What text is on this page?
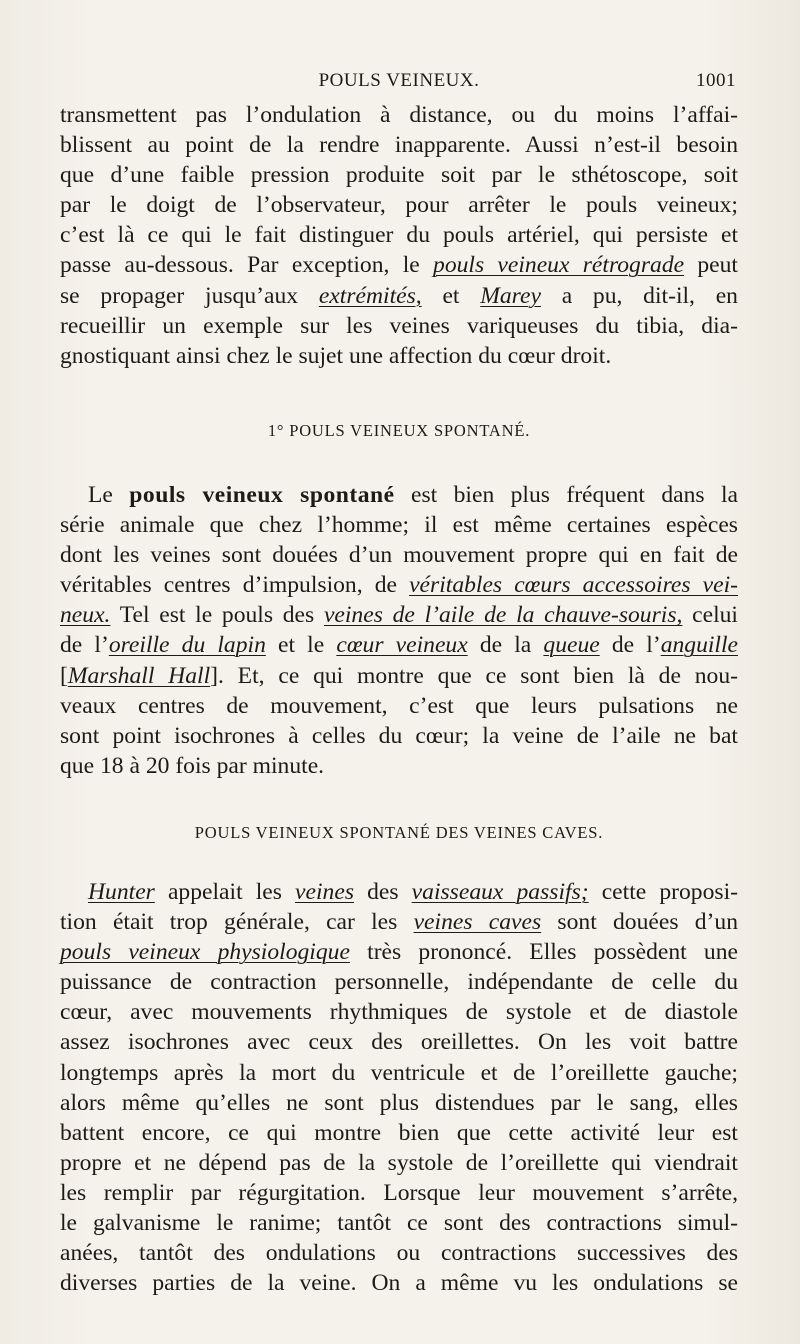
POULS VEINEUX.	1001
transmettent pas l’ondulation à distance, ou du moins l’affai-
blissent au point de la rendre inapparente. Aussi n’est-il besoin
que d’une faible pression produite soit par le sthétoscope, soit
par le doigt de l’observateur, pour arrêter le pouls veineux;
c’est là ce qui le fait distinguer du pouls artériel, qui persiste et
passe au-dessous. Par exception, le pouls veineux rétrograde peut
se propager jusqu’aux extrémités, et Marey a pu, dit-il, en
recueillir un exemple sur les veines variqueuses du tibia, dia-
gnostiquant ainsi chez le sujet une affection du cœur droit.
1° POULS VEINEUX SPONTANÉ.
Le pouls veineux spontané est bien plus fréquent dans la
série animale que chez l’homme; il est même certaines espèces
dont les veines sont douées d’un mouvement propre qui en fait de
véritables centres d’impulsion, de véritables cœurs accessoires vei-
neux. Tel est le pouls des veines de l’aile de la chauve-souris, celui
de l’oreille du lapin et le cœur veineux de la queue de l’anguille
[Marshall Hall]. Et, ce qui montre que ce sont bien là de nou-
veaux centres de mouvement, c’est que leurs pulsations ne
sont point isochrones à celles du cœur; la veine de l’aile ne bat
que 18 à 20 fois par minute.
POULS VEINEUX SPONTANÉ DES VEINES CAVES.
Hunter appelait les veines des vaisseaux passifs; cette proposi-
tion était trop générale, car les veines caves sont douées d’un
pouls veineux physiologique très prononcé. Elles possèdent une
puissance de contraction personnelle, indépendante de celle du
cœur, avec mouvements rhythmiques de systole et de diastole
assez isochrones avec ceux des oreillettes. On les voit battre
longtemps après la mort du ventricule et de l’oreillette gauche;
alors même qu’elles ne sont plus distendues par le sang, elles
battent encore, ce qui montre bien que cette activité leur est
propre et ne dépend pas de la systole de l’oreillette qui viendrait
les remplir par régurgitation. Lorsque leur mouvement s’arrête,
le galvanisme le ranime; tantôt ce sont des contractions simul-
anées, tantôt des ondulations ou contractions successives des
diverses parties de la veine. On a même vu les ondulations se
